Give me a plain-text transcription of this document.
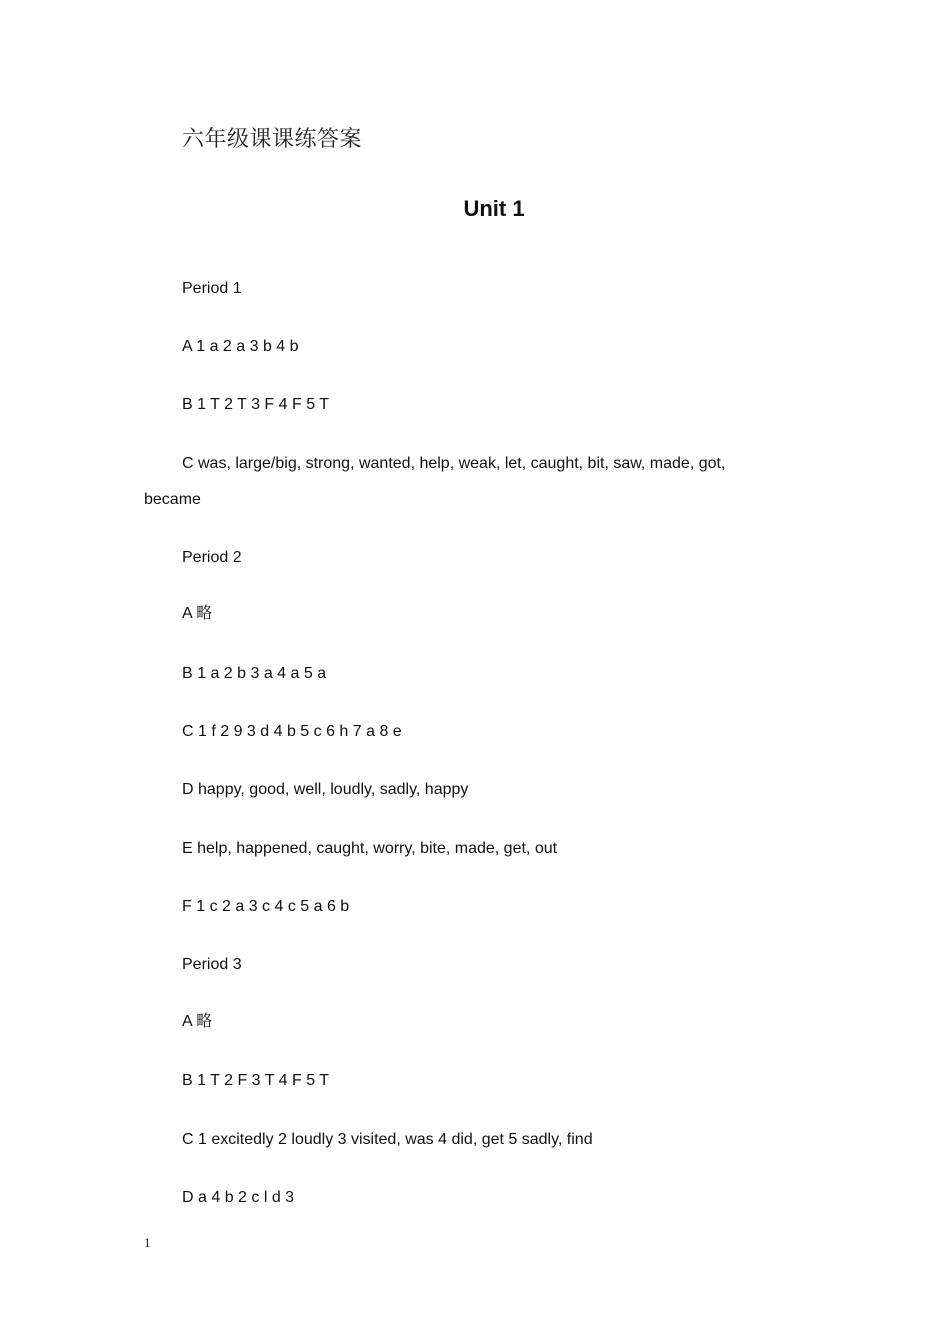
六年级课课练答案
Unit 1
Period 1
A 1 a 2 a 3 b 4 b
B 1 T 2 T 3 F 4 F 5 T
C was, large/big, strong, wanted, help, weak, let, caught, bit, saw, made, got,
became
Period 2
A 略
B 1 a 2 b 3 a 4 a 5 a
C 1 f 2 9 3 d 4 b 5 c 6 h 7 a 8 e
D happy, good, well, loudly, sadly, happy
E help, happened, caught, worry, bite, made, get, out
F 1 c 2 a 3 c 4 c 5 a 6 b
Period 3
A 略
B 1 T 2 F 3 T 4 F 5 T
C 1 excitedly 2 loudly 3 visited, was 4 did, get 5 sadly, find
D a 4 b 2 c l d 3
1
